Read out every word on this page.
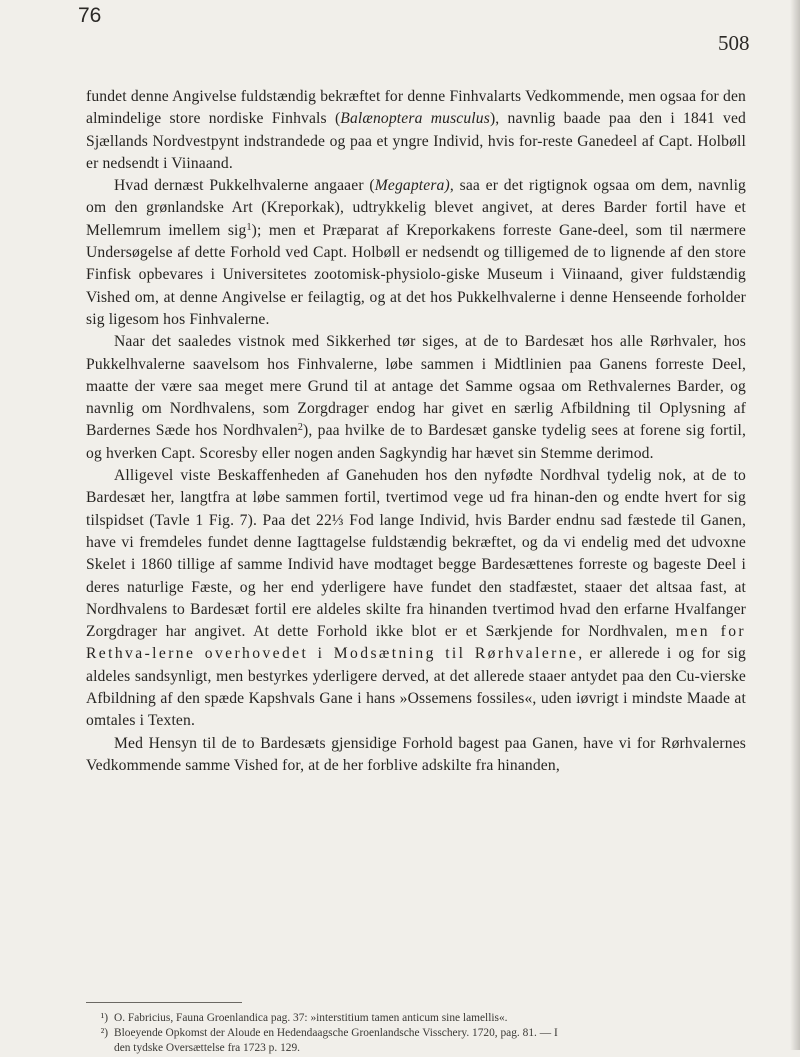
76
508

fundet denne Angivelse fuldstændig bekræftet for denne Finhvalarts Vedkommende, men ogsaa for den almindelige store nordiske Finhvals (Balænoptera musculus), navnlig baade paa den i 1841 ved Sjællands Nordvestpynt indstrandede og paa et yngre Individ, hvis for-reste Ganedeel af Capt. Holbøll er nedsendt i Viinaand.

Hvad dernæst Pukkelhvalerne angaaer (Megaptera), saa er det rigtignok ogsaa om dem, navnlig om den grønlandske Art (Kreporkak), udtrykkelig blevet angivet, at deres Barder fortil have et Mellemrum imellem sig$^1$); men et Præparat af Kreporkakens forreste Gane-deel, som til nærmere Undersøgelse af dette Forhold ved Capt. Holbøll er nedsendt og tilligemed de to lignende af den store Finfisk opbevares i Universitetes zootomisk-physiolo-giske Museum i Viinaand, giver fuldstændig Vished om, at denne Angivelse er feilagtig, og at det hos Pukkelhvalerne i denne Henseende forholder sig ligesom hos Finhvalerne.

Naar det saaledes vistnok med Sikkerhed tør siges, at de to Bardesæt hos alle Rørhvaler, hos Pukkelhvalerne saavelsom hos Finhvalerne, løbe sammen i Midtlinien paa Ganens forreste Deel, maatte der være saa meget mere Grund til at antage det Samme ogsaa om Rethvalernes Barder, og navnlig om Nordhvalens, som Zorgdrager endog har givet en særlig Afbildning til Oplysning af Bardernes Sæde hos Nordhvalen$^2$), paa hvilke de to Bardesæt ganske tydelig sees at forene sig fortil, og hverken Capt. Scoresby eller nogen anden Sagkyndig har hævet sin Stemme derimod.

Alligevel viste Beskaffenheden af Ganehuden hos den nyfødte Nordhval tydelig nok, at de to Bardesæt her, langtfra at løbe sammen fortil, tvertimod vege ud fra hinan-den og endte hvert for sig tilspidset (Tavle 1 Fig. 7). Paa det 22⅓ Fod lange Individ, hvis Barder endnu sad fæstede til Ganen, have vi fremdeles fundet denne Iagttagelse fuldstændig bekræftet, og da vi endelig med det udvoxne Skelet i 1860 tillige af samme Individ have modtaget begge Bardesættenes forreste og bageste Deel i deres naturlige Fæste, og her end yderligere have fundet den stadfæstet, staaer det altsaa fast, at Nordhvalens to Bardesæt fortil ere aldeles skilte fra hinanden tvertimod hvad den erfarne Hvalfanger Zorgdrager har angivet. At dette Forhold ikke blot er et Særkjende for Nordhvalen, men for Rethva-lerne overhovedet i Modsætning til Rørhvalerne, er allerede i og for sig aldeles sandsynligt, men bestyrkes yderligere derved, at det allerede staaer antydet paa den Cu-vierske Afbildning af den spæde Kapshvals Gane i hans »Ossemens fossiles«, uden iøvrigt i mindste Maade at omtales i Texten.

Med Hensyn til de to Bardesæts gjensidige Forhold bagest paa Ganen, have vi for Rørhvalernes Vedkommende samme Vished for, at de her forblive adskilte fra hinanden,

¹) O. Fabricius, Fauna Groenlandica pag. 37: »interstitium tamen anticum sine lamellis«.

²) Bloeyende Opkomst der Aloude en Hedendaagsche Groenlandsche Visschery. 1720, pag. 81. — I

den tydske Oversættelse fra 1723 p. 129.
